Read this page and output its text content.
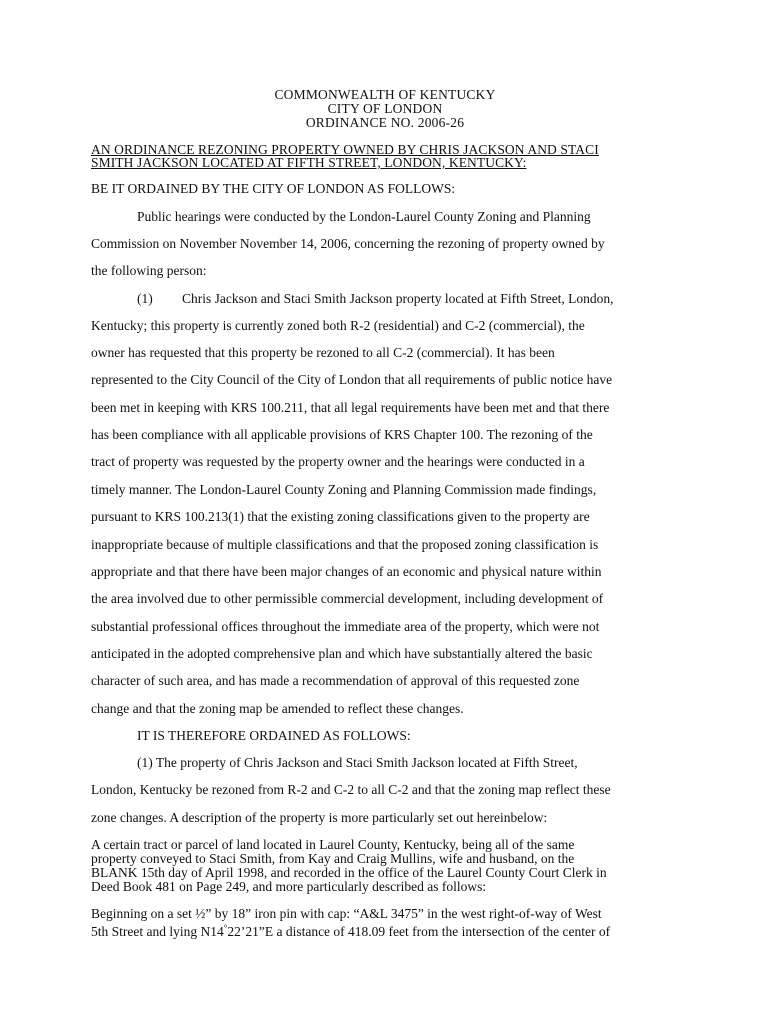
COMMONWEALTH OF KENTUCKY
CITY OF LONDON
ORDINANCE NO. 2006-26
AN ORDINANCE REZONING PROPERTY OWNED BY CHRIS JACKSON AND STACI
SMITH JACKSON LOCATED AT FIFTH STREET, LONDON, KENTUCKY:
BE IT ORDAINED BY THE CITY OF LONDON AS FOLLOWS:
Public hearings were conducted by the London-Laurel County Zoning and Planning
Commission on November November 14, 2006, concerning the rezoning of property owned by
the following person:
(1) Chris Jackson and Staci Smith Jackson property located at Fifth Street, London,
Kentucky; this property is currently zoned both R-2 (residential) and C-2 (commercial), the
owner has requested that this property be rezoned to all C-2 (commercial). It has been
represented to the City Council of the City of London that all requirements of public notice have
been met in keeping with KRS 100.211, that all legal requirements have been met and that there
has been compliance with all applicable provisions of KRS Chapter 100. The rezoning of the
tract of property was requested by the property owner and the hearings were conducted in a
timely manner. The London-Laurel County Zoning and Planning Commission made findings,
pursuant to KRS 100.213(1) that the existing zoning classifications given to the property are
inappropriate because of multiple classifications and that the proposed zoning classification is
appropriate and that there have been major changes of an economic and physical nature within
the area involved due to other permissible commercial development, including development of
substantial professional offices throughout the immediate area of the property, which were not
anticipated in the adopted comprehensive plan and which have substantially altered the basic
character of such area, and has made a recommendation of approval of this requested zone
change and that the zoning map be amended to reflect these changes.
IT IS THEREFORE ORDAINED AS FOLLOWS:
(1) The property of Chris Jackson and Staci Smith Jackson located at Fifth Street,
London, Kentucky be rezoned from R-2 and C-2 to all C-2 and that the zoning map reflect these
zone changes. A description of the property is more particularly set out hereinbelow:
A certain tract or parcel of land located in Laurel County, Kentucky, being all of the same
property conveyed to Staci Smith, from Kay and Craig Mullins, wife and husband, on the
BLANK 15th day of April 1998, and recorded in the office of the Laurel County Court Clerk in
Deed Book 481 on Page 249, and more particularly described as follows:
Beginning on a set ½” by 18” iron pin with cap: “A&L 3475” in the west right-of-way of West
5th Street and lying N14°22’21”E a distance of 418.09 feet from the intersection of the center of
